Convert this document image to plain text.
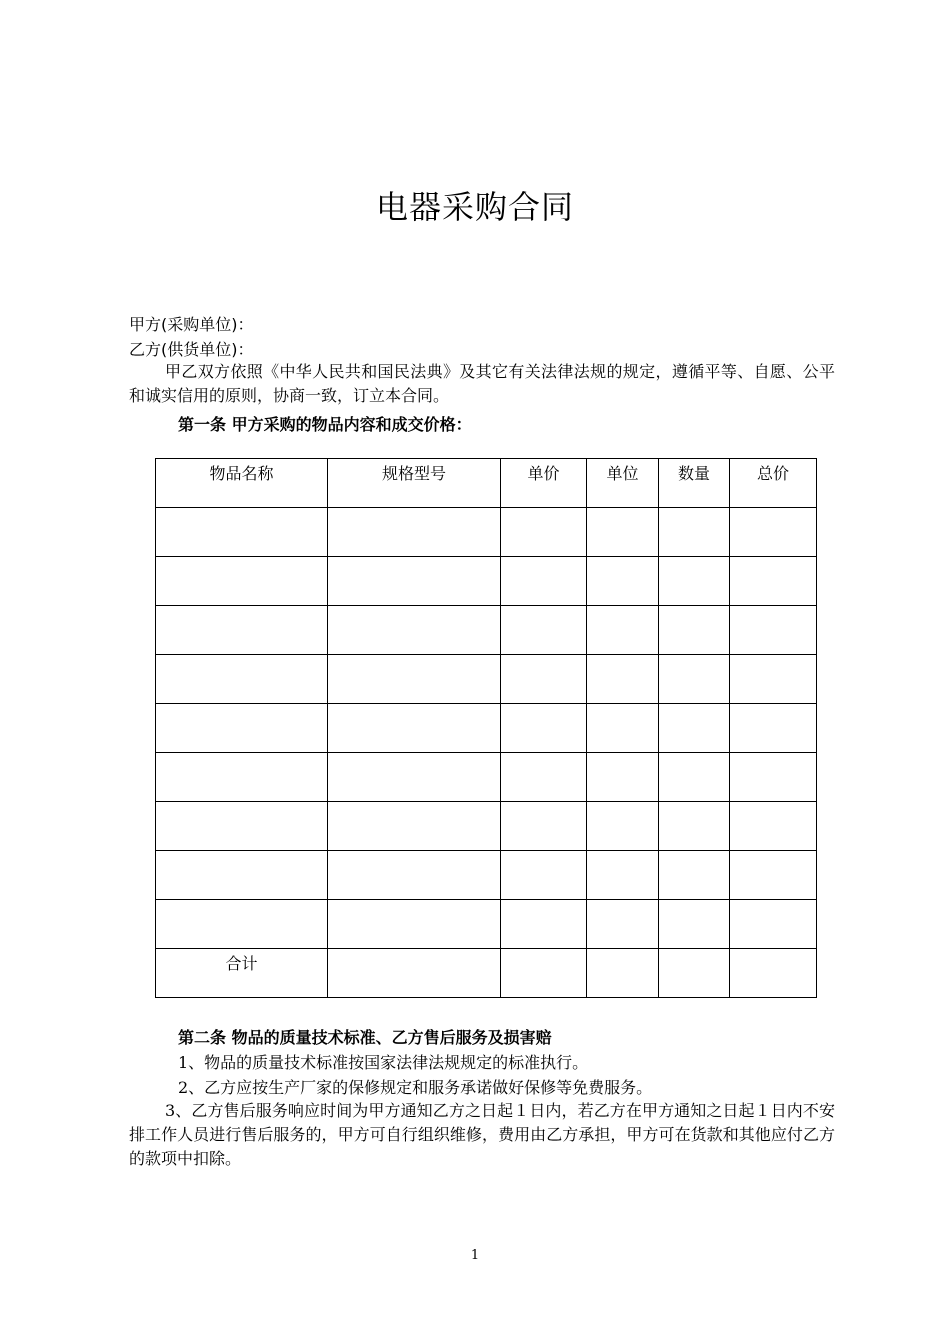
电器采购合同
甲方(采购单位)：
乙方(供货单位)：

甲乙双方依照《中华人民共和国民法典》及其它有关法律法规的规定，遵循平等、自愿、公平和诚实信用的原则，协商一致，订立本合同。

第一条 甲方采购的物品内容和成交价格：
物品名称	规格型号	单价	单位	数量	总价

合计					

第二条 物品的质量技术标准、乙方售后服务及损害赔
1、物品的质量技术标准按国家法律法规规定的标准执行。
2、乙方应按生产厂家的保修规定和服务承诺做好保修等免费服务。

3、乙方售后服务响应时间为甲方通知乙方之日起１日内，若乙方在甲方通知之日起１日内不安排工作人员进行售后服务的，甲方可自行组织维修，费用由乙方承担，甲方可在货款和其他应付乙方的款项中扣除。

1
